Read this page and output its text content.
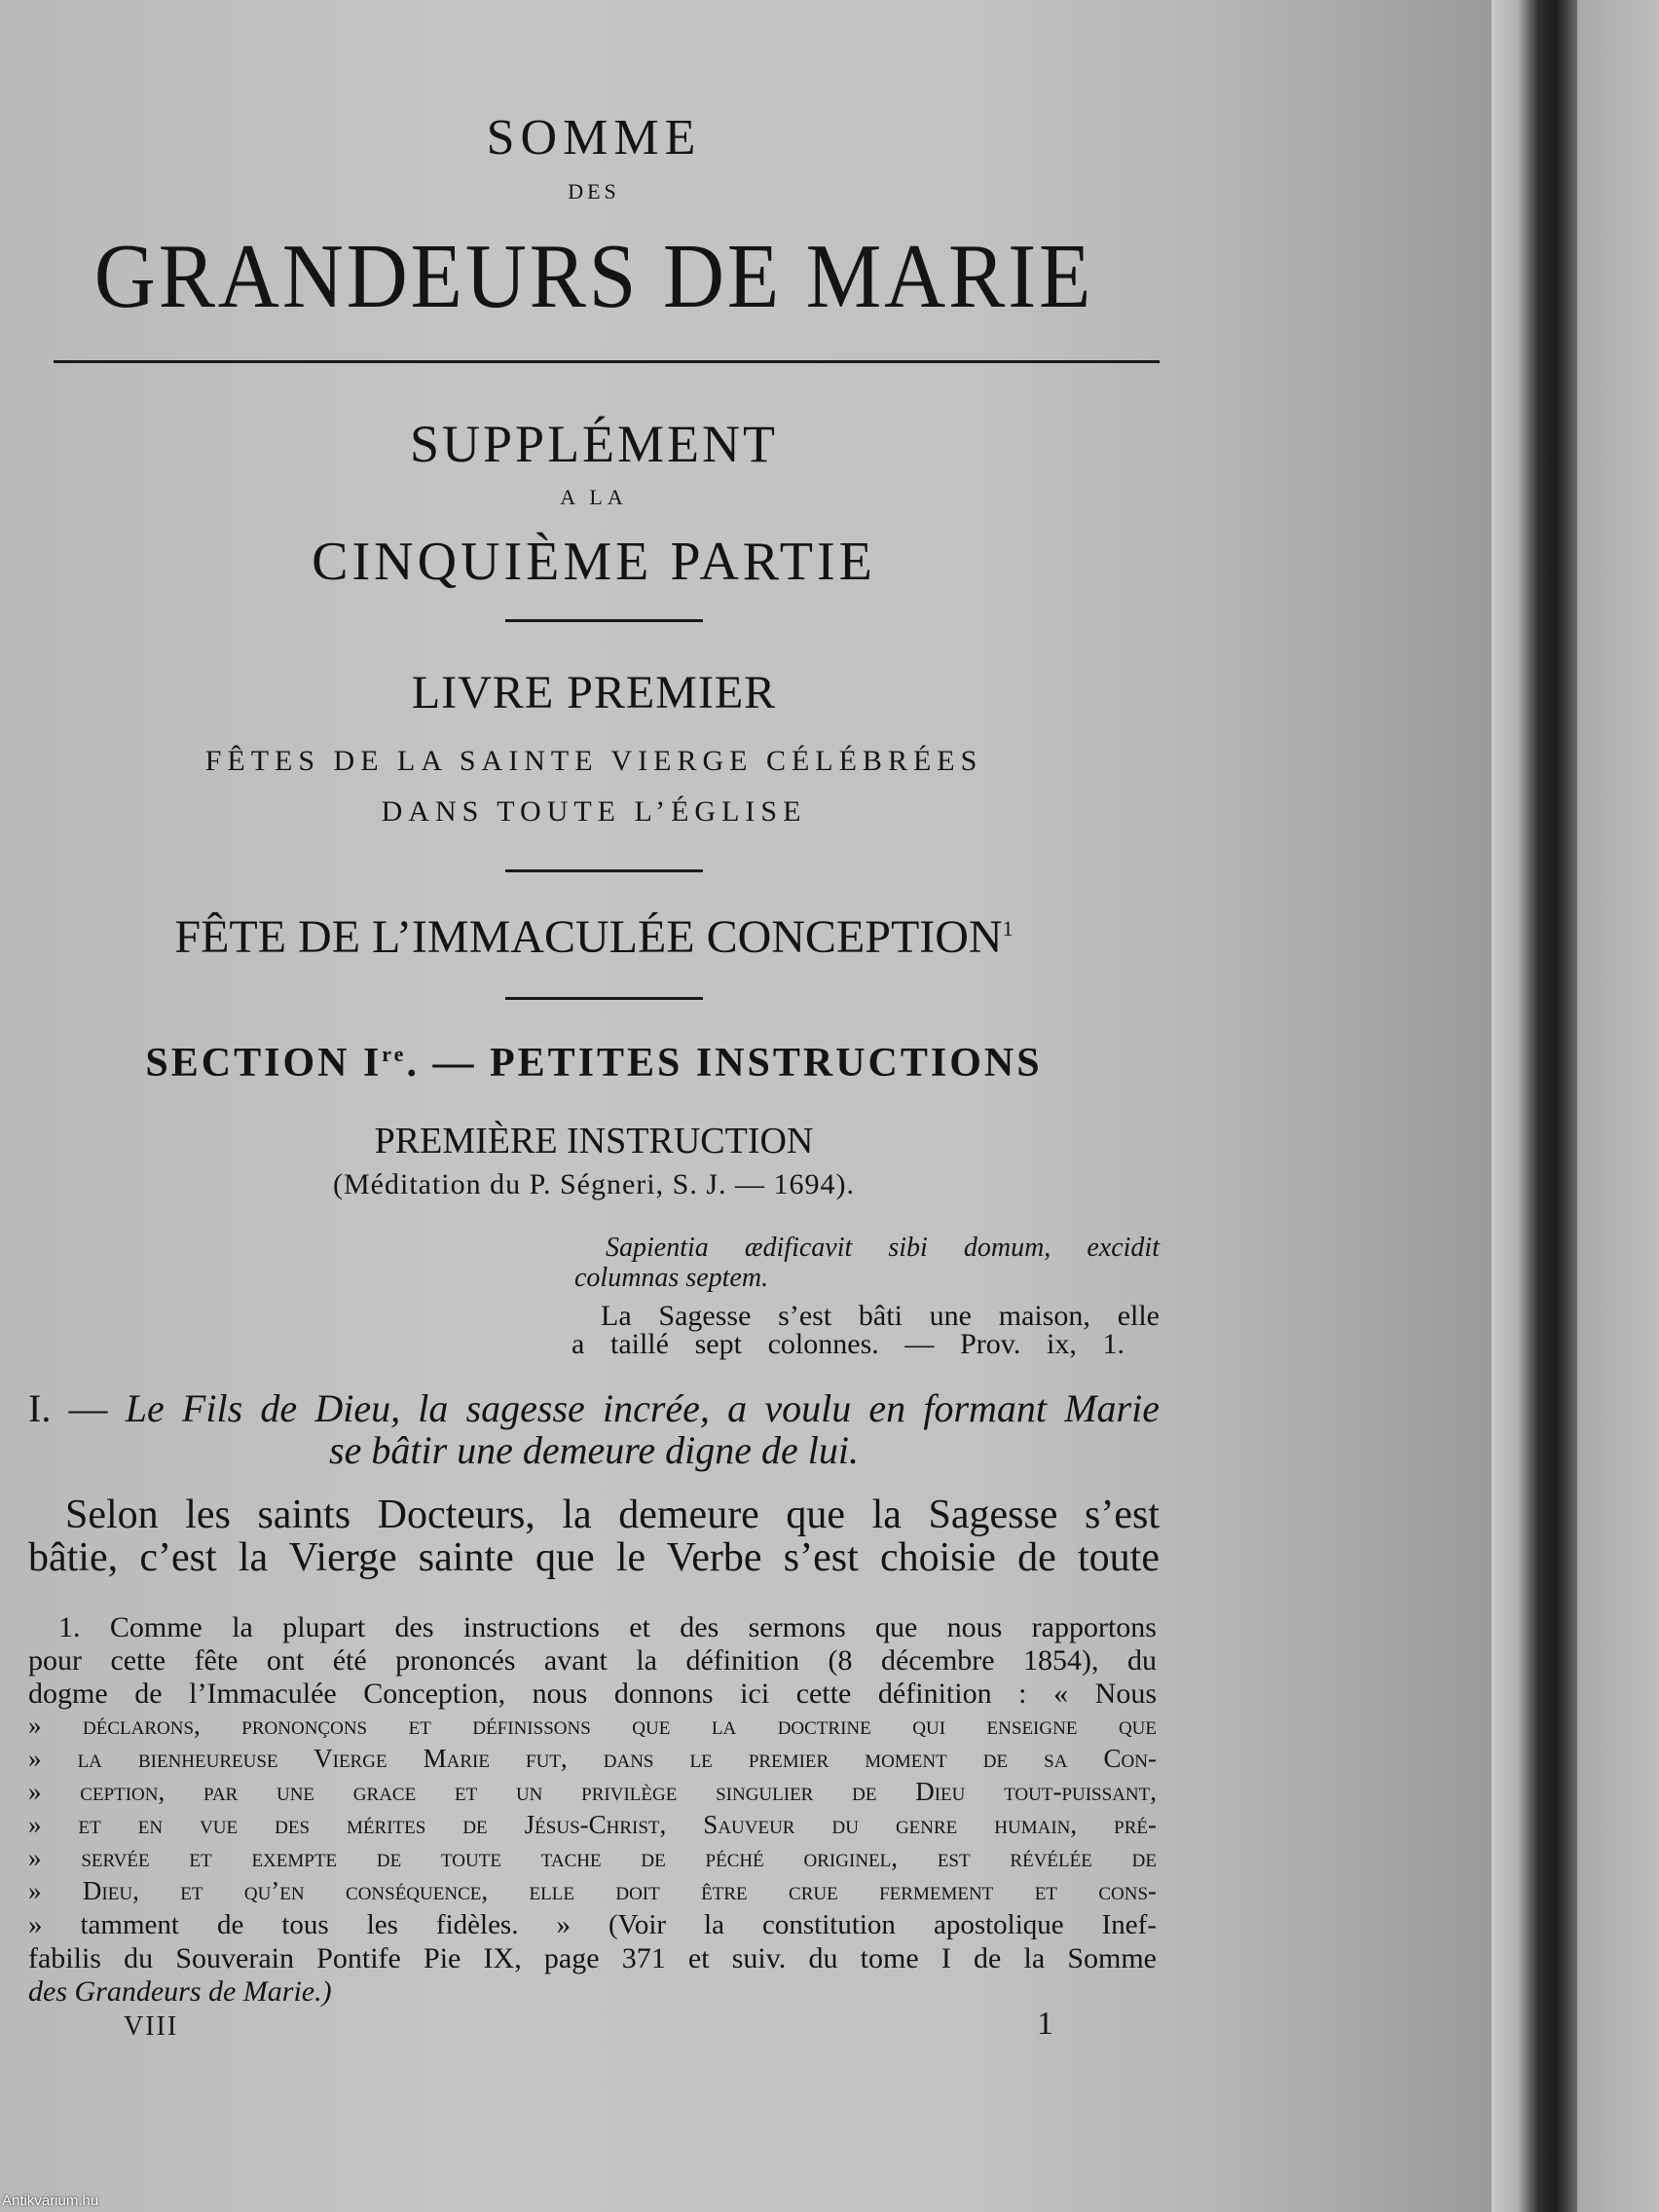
SOMME
DES
GRANDEURS DE MARIE
SUPPLÉMENT
A LA
CINQUIÈME PARTIE
LIVRE PREMIER
FÊTES DE LA SAINTE VIERGE CÉLÉBRÉES
DANS TOUTE L’ÉGLISE
FÊTE DE L’IMMACULÉE CONCEPTION$^1$
SECTION Ire. — PETITES INSTRUCTIONS
PREMIÈRE INSTRUCTION
(Méditation du P. Ségneri, S. J. — 1694).
Sapientia ædificavit sibi domum, excidit
columnas septem.
La Sagesse s’est bâti une maison, elle
a taillé sept colonnes. — Prov. ix, 1.
I. — Le Fils de Dieu, la sagesse incrée, a voulu en formant Marie
se bâtir une demeure digne de lui.
Selon les saints Docteurs, la demeure que la Sagesse s’est
bâtie, c’est la Vierge sainte que le Verbe s’est choisie de toute
1. Comme la plupart des instructions et des sermons que nous rapportons
pour cette fête ont été prononcés avant la définition (8 décembre 1854), du
dogme de l’Immaculée Conception, nous donnons ici cette définition : « Nous
» déclarons, prononçons et définissons que la doctrine qui enseigne que
» la bienheureuse Vierge Marie fut, dans le premier moment de sa Con-
» ception, par une grace et un privilège singulier de Dieu tout-puissant,
» et en vue des mérites de Jésus-Christ, Sauveur du genre humain, pré-
» servée et exempte de toute tache de péché originel, est révélée de
» Dieu, et qu’en conséquence, elle doit être crue fermement et cons-
» tamment de tous les fidèles. » (Voir la constitution apostolique Inef-
fabilis du Souverain Pontife Pie IX, page 371 et suiv. du tome I de la Somme
des Grandeurs de Marie.)
VIII	1
Antikvárium.hu
